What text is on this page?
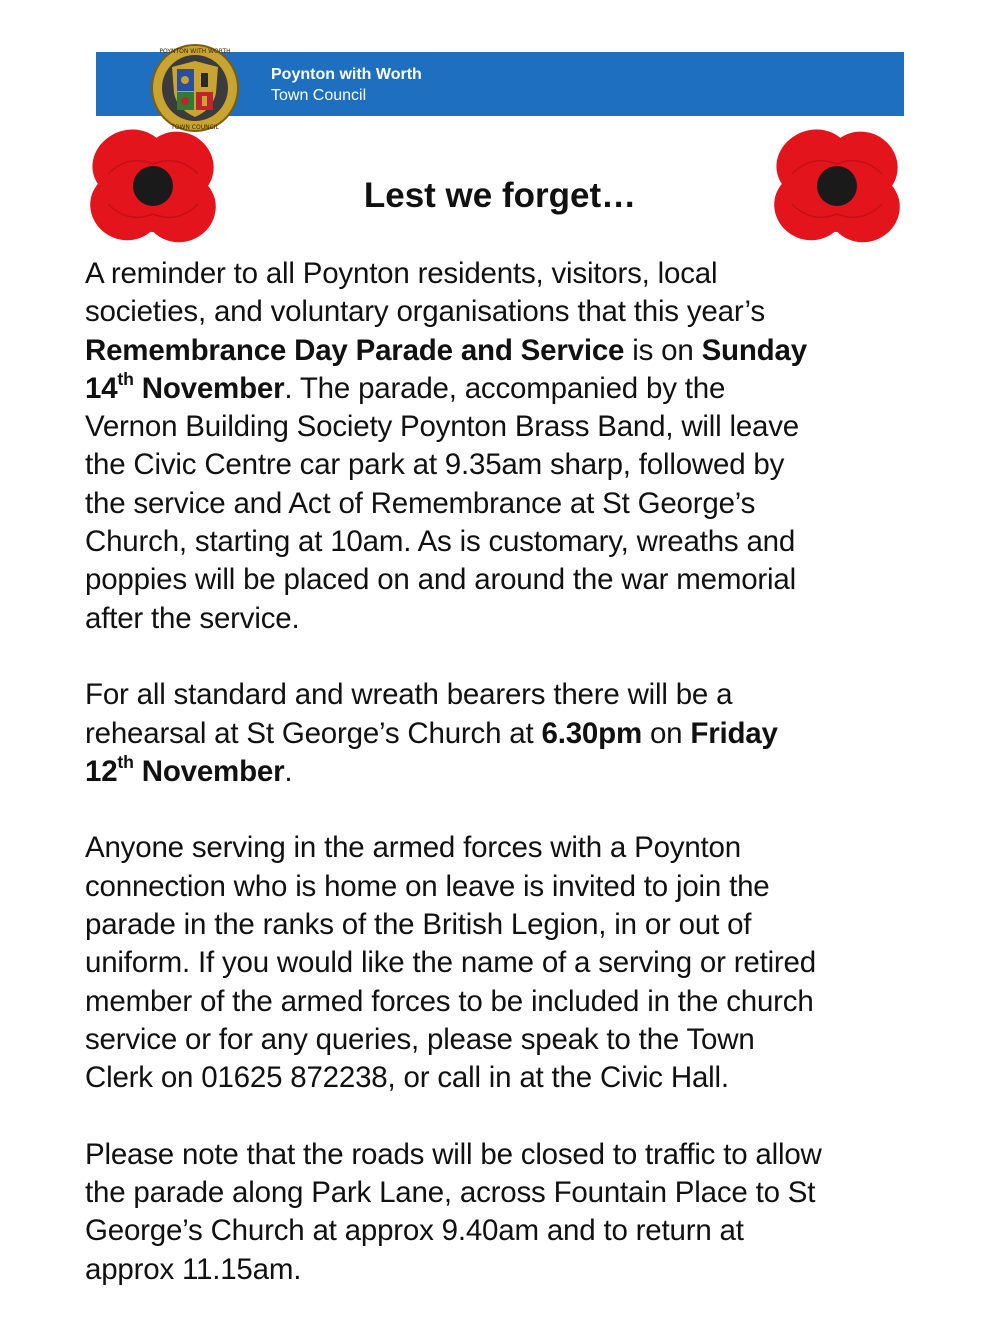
POYNTON WITH WORTH
TOWN COUNCIL
Poynton with Worth
Town Council
Lest we forget…

A reminder to all Poynton residents, visitors, local
societies, and voluntary organisations that this year’s
Remembrance Day Parade and Service is on Sunday
14th November. The parade, accompanied by the
Vernon Building Society Poynton Brass Band, will leave
the Civic Centre car park at 9.35am sharp, followed by
the service and Act of Remembrance at St George’s
Church, starting at 10am. As is customary, wreaths and
poppies will be placed on and around the war memorial
after the service.

For all standard and wreath bearers there will be a
rehearsal at St George’s Church at 6.30pm on Friday
12th November.

Anyone serving in the armed forces with a Poynton
connection who is home on leave is invited to join the
parade in the ranks of the British Legion, in or out of
uniform. If you would like the name of a serving or retired
member of the armed forces to be included in the church
service or for any queries, please speak to the Town
Clerk on 01625 872238, or call in at the Civic Hall.

Please note that the roads will be closed to traffic to allow
the parade along Park Lane, across Fountain Place to St
George’s Church at approx 9.40am and to return at
approx 11.15am.
